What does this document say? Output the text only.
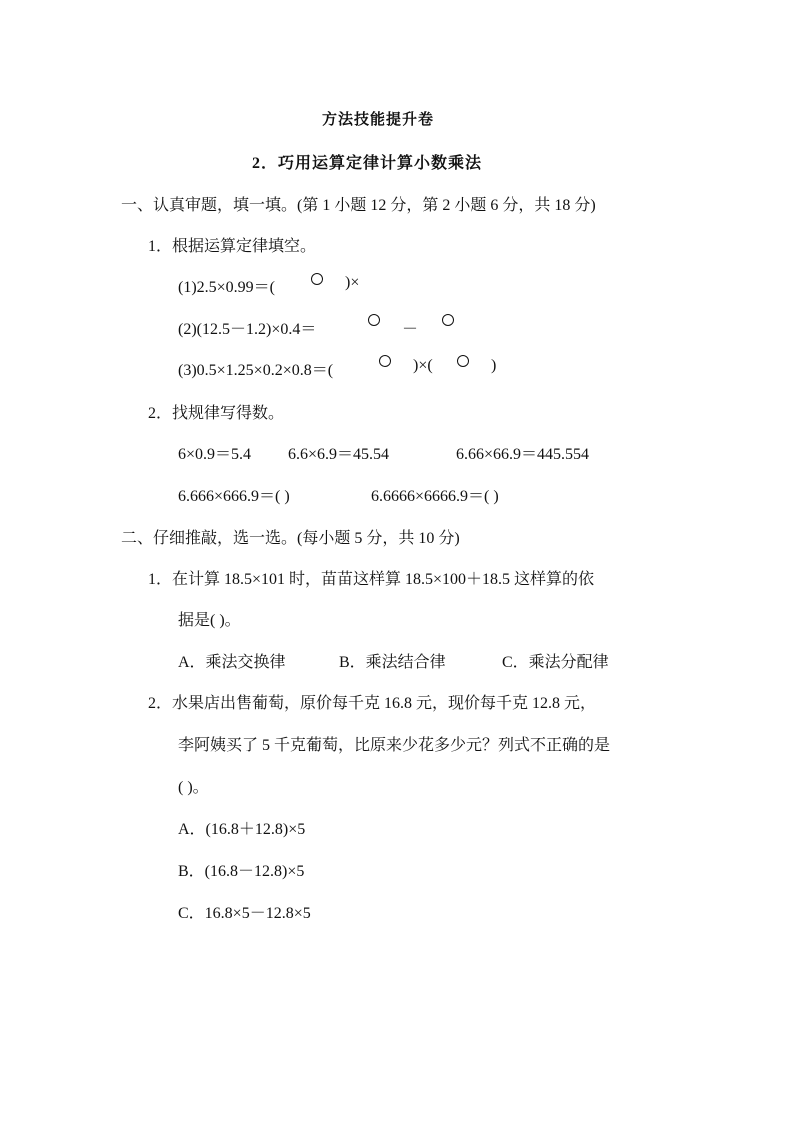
方法技能提升卷
2．巧用运算定律计算小数乘法
一、认真审题，填一填。(第 1 小题 12 分，第 2 小题 6 分，共 18 分)
1．根据运算定律填空。
(1)2.5×0.99＝(	)×
(2)(12.5－1.2)×0.4＝	－
(3)0.5×1.25×0.2×0.8＝(	)×(	)
2．找规律写得数。
6×0.9＝5.4 6.6×6.9＝45.54	6.66×66.9＝445.554
6.666×666.9＝( )	6.6666×6666.9＝( )
二、仔细推敲，选一选。(每小题 5 分，共 10 分)
1．在计算 18.5×101 时，苗苗这样算 18.5×100＋18.5 这样算的依
据是( )。
A．乘法交换律	B．乘法结合律	C．乘法分配律
2．水果店出售葡萄，原价每千克 16.8 元，现价每千克 12.8 元，
李阿姨买了 5 千克葡萄，比原来少花多少元？列式不正确的是
( )。
A．(16.8＋12.8)×5
B．(16.8－12.8)×5
C．16.8×5－12.8×5
